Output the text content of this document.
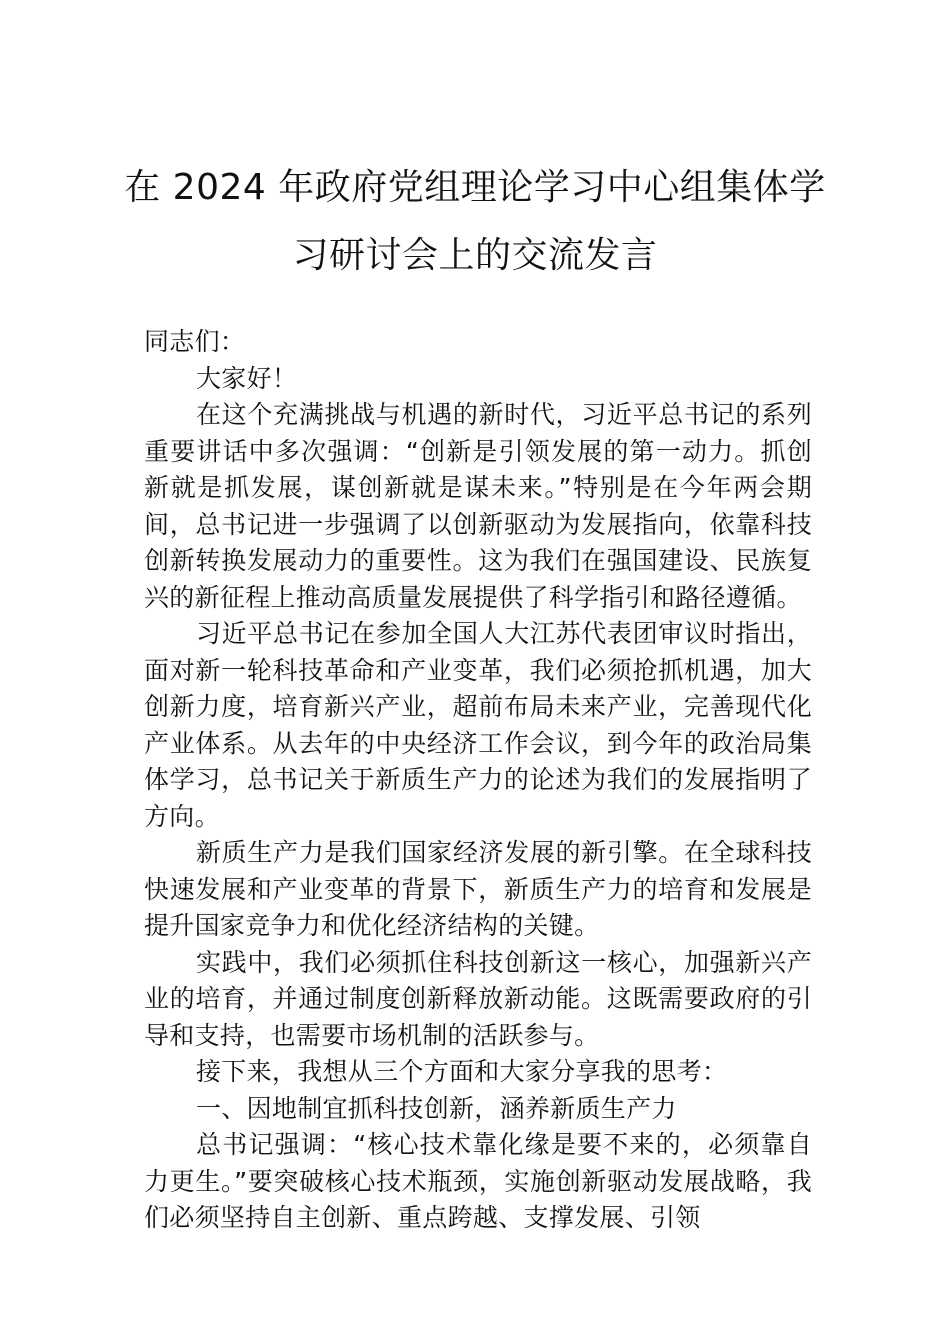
在 2024 年政府党组理论学习中心组集体学
习研讨会上的交流发言

同志们：

大家好！

在这个充满挑战与机遇的新时代，习近平总书记的系列重要讲话中多次强调：“创新是引领发展的第一动力。抓创新就是抓发展，谋创新就是谋未来。”特别是在今年两会期间，总书记进一步强调了以创新驱动为发展指向，依靠科技创新转换发展动力的重要性。这为我们在强国建设、民族复兴的新征程上推动高质量发展提供了科学指引和路径遵循。

习近平总书记在参加全国人大江苏代表团审议时指出，面对新一轮科技革命和产业变革，我们必须抢抓机遇，加大创新力度，培育新兴产业，超前布局未来产业，完善现代化产业体系。从去年的中央经济工作会议，到今年的政治局集体学习，总书记关于新质生产力的论述为我们的发展指明了方向。

新质生产力是我们国家经济发展的新引擎。在全球科技快速发展和产业变革的背景下，新质生产力的培育和发展是提升国家竞争力和优化经济结构的关键。

实践中，我们必须抓住科技创新这一核心，加强新兴产业的培育，并通过制度创新释放新动能。这既需要政府的引导和支持，也需要市场机制的活跃参与。

接下来，我想从三个方面和大家分享我的思考：

一、因地制宜抓科技创新，涵养新质生产力

总书记强调：“核心技术靠化缘是要不来的，必须靠自力更生。”要突破核心技术瓶颈，实施创新驱动发展战略，我们必须坚持自主创新、重点跨越、支撑发展、引领
